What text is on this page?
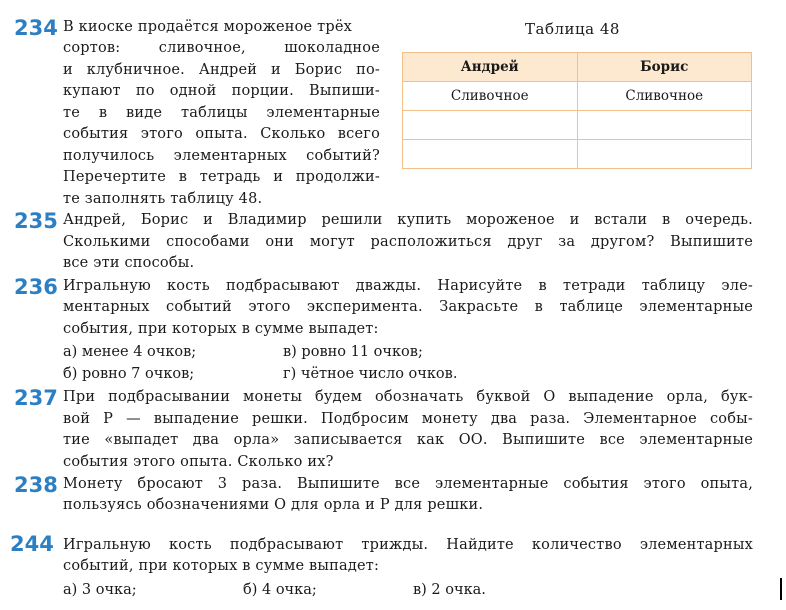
234 В киоске продаётся мороженое трёх
сортов: сливочное, шоколадное
и клубничное. Андрей и Борис по-
купают по одной порции. Выпиши-
те в виде таблицы элементарные
события этого опыта. Сколько всего
получилось элементарных событий?
Перечертите в тетрадь и продолжи-
те заполнять таблицу 48.
Таблица 48
Андрей	Борис
Сливочное	Сливочное

235 Андрей, Борис и Владимир решили купить мороженое и встали в очередь.
Сколькими способами они могут расположиться друг за другом? Выпишите
все эти способы.
236 Игральную кость подбрасывают дважды. Нарисуйте в тетради таблицу эле-
ментарных событий этого эксперимента. Закрасьте в таблице элементарные
события, при которых в сумме выпадет:
а) менее 4 очков;	в) ровно 11 очков;
б) ровно 7 очков;	г) чётное число очков.
237 При подбрасывании монеты будем обозначать буквой О выпадение орла, бук-
вой Р — выпадение решки. Подбросим монету два раза. Элементарное собы-
тие «выпадет два орла» записывается как ОО. Выпишите все элементарные
события этого опыта. Сколько их?
238 Монету бросают 3 раза. Выпишите все элементарные события этого опыта,
пользуясь обозначениями О для орла и Р для решки.
244 Игральную кость подбрасывают трижды. Найдите количество элементарных
событий, при которых в сумме выпадет:
а) 3 очка;	б) 4 очка;	в) 2 очка.
